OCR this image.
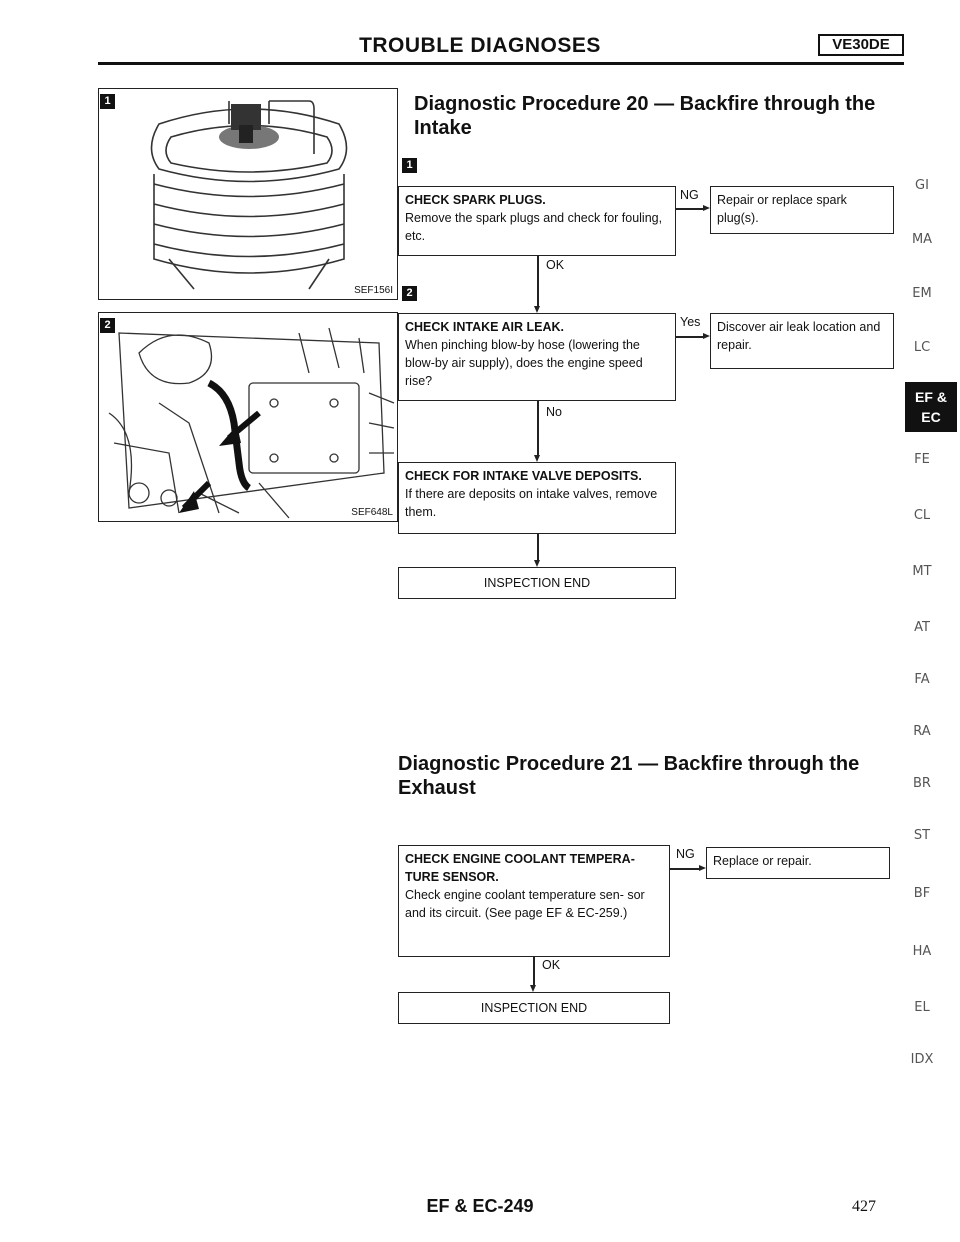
TROUBLE DIAGNOSES	VE30DE
SEF156I
1
SEF648L
2
Diagnostic Procedure 20 — Backfire through the
Intake
1
2
CHECK SPARK PLUGS.
Remove the spark plugs and check for fouling, etc.
NG	Repair or replace spark plug(s).
OK
CHECK INTAKE AIR LEAK.
When pinching blow-by hose (lowering the blow-by air supply), does the engine speed rise?
Yes	Discover air leak location and repair.
No
CHECK FOR INTAKE VALVE DEPOSITS.
If there are deposits on intake valves, remove them.
INSPECTION END
Diagnostic Procedure 21 — Backfire through the
Exhaust
CHECK ENGINE COOLANT TEMPERA- TURE SENSOR.
Check engine coolant temperature sen- sor and its circuit. (See page EF & EC-259.)
NG	Replace or repair.
OK
INSPECTION END
GI
MA
EM
LC
EF & EC
FE
CL
MT
AT
FA
RA
BR
ST
BF
HA
EL
IDX
EF & EC-249	427
